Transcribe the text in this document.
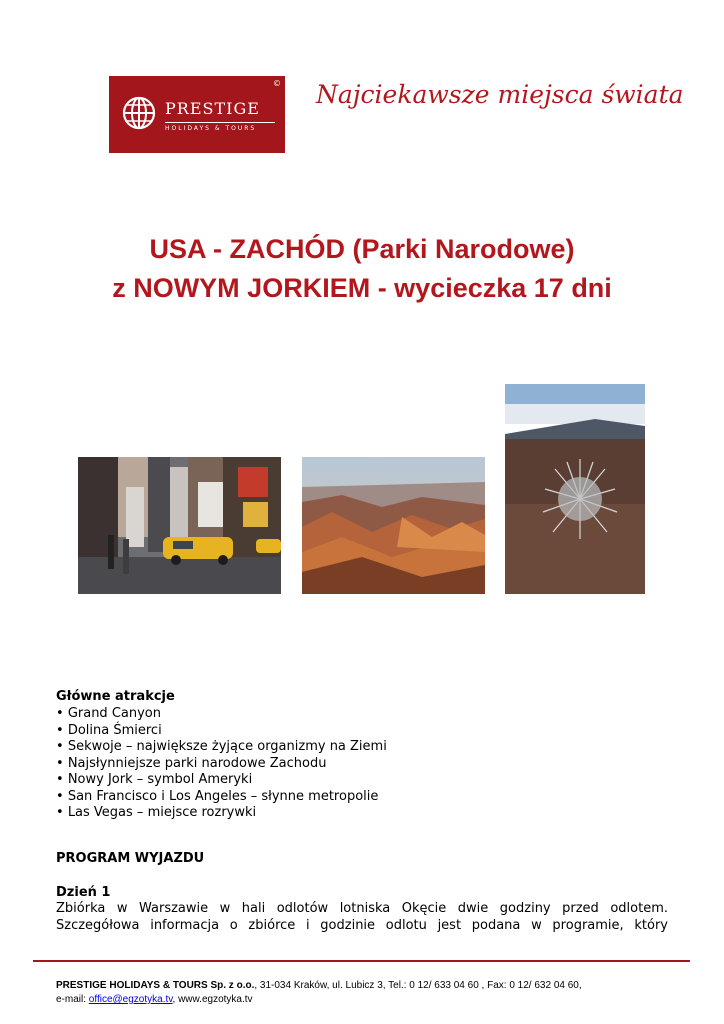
©
PRESTIGE
HOLIDAYS & TOURS
Najciekawsze miejsca świata
USA - ZACHÓD (Parki Narodowe)
z NOWYM JORKIEM - wycieczka 17 dni
Główne atrakcje
• Grand Canyon
• Dolina Śmierci
• Sekwoje – największe żyjące organizmy na Ziemi
• Najsłynniejsze parki narodowe Zachodu
• Nowy Jork – symbol Ameryki
• San Francisco i Los Angeles – słynne metropolie
• Las Vegas – miejsce rozrywki
PROGRAM WYJAZDU
Dzień 1
Zbiórka w Warszawie w hali odlotów lotniska Okęcie dwie godziny przed odlotem.
Szczegółowa informacja o zbiórce i godzinie odlotu jest podana w programie, który
PRESTIGE HOLIDAYS & TOURS Sp. z o.o., 31-034 Kraków, ul. Lubicz 3, Tel.: 0 12/ 633 04 60 , Fax: 0 12/ 632 04 60,
e-mail: office@egzotyka.tv, www.egzotyka.tv
